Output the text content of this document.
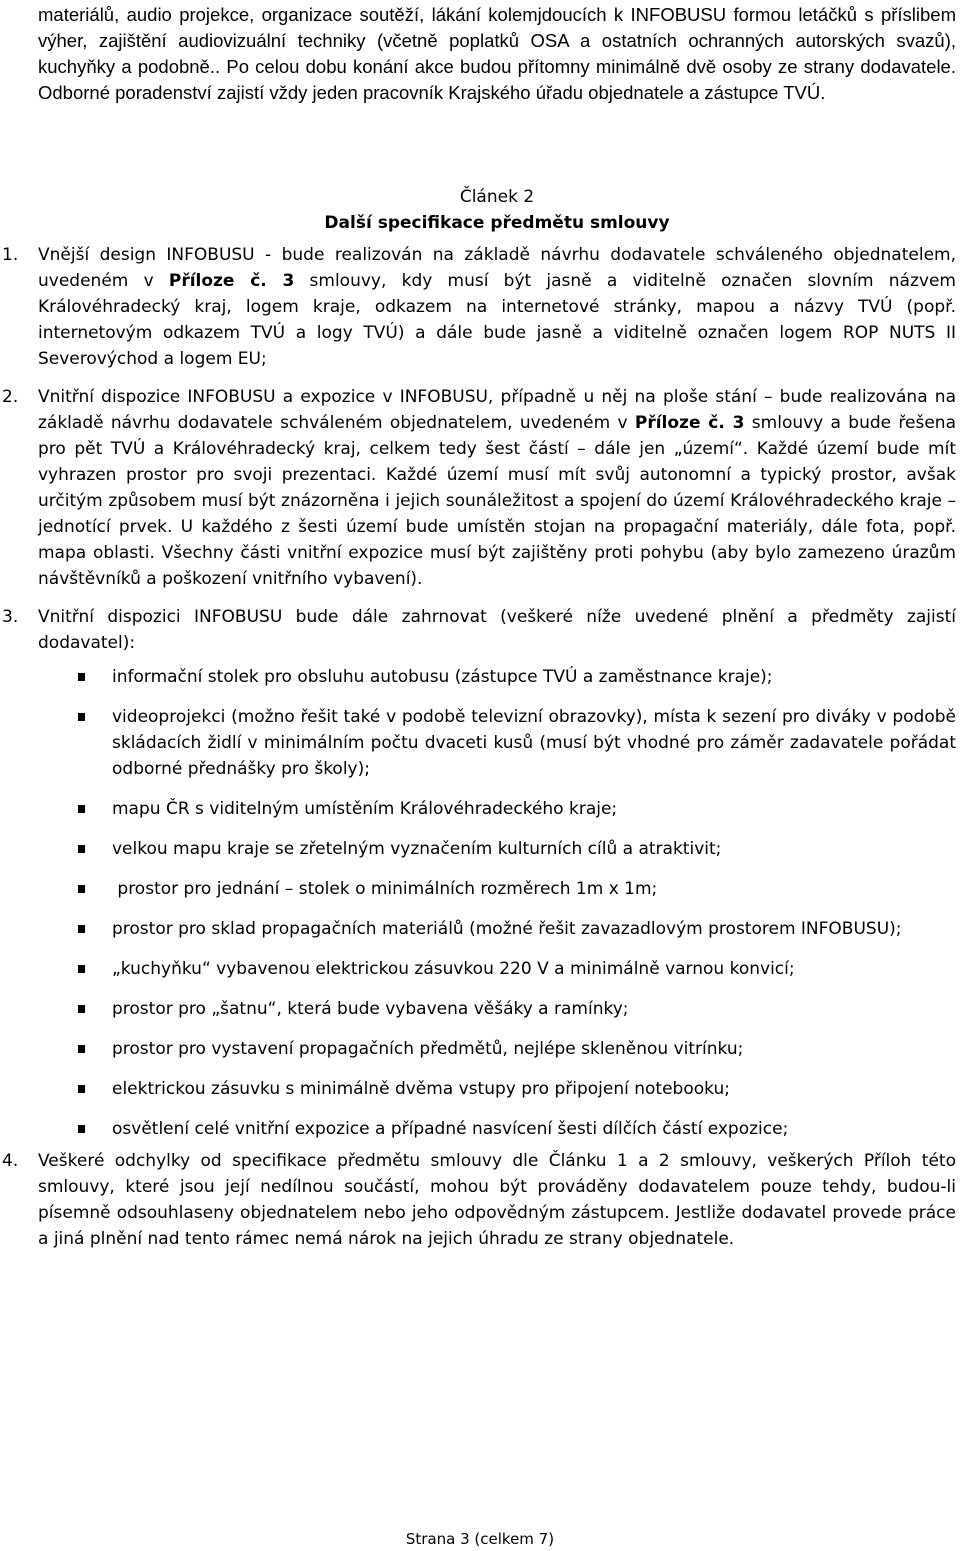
materiálů, audio projekce, organizace soutěží, lákání kolemjdoucích k INFOBUSU formou letáčků s příslibem výher, zajištění audiovizuální techniky (včetně poplatků OSA a ostatních ochranných autorských svazů), kuchyňky a podobně.. Po celou dobu konání akce budou přítomny minimálně dvě osoby ze strany dodavatele. Odborné poradenství zajistí vždy jeden pracovník Krajského úřadu objednatele a zástupce TVÚ.

Článek 2
Další specifikace předmětu smlouvy
1. Vnější design INFOBUSU - bude realizován na základě návrhu dodavatele schváleného objednatelem, uvedeném v Příloze č. 3 smlouvy, kdy musí být jasně a viditelně označen slovním názvem Královéhradecký kraj, logem kraje, odkazem na internetové stránky, mapou a názvy TVÚ (popř. internetovým odkazem TVÚ a logy TVÚ) a dále bude jasně a viditelně označen logem ROP NUTS II Severovýchod a logem EU;

2. Vnitřní dispozice INFOBUSU a expozice v INFOBUSU, případně u něj na ploše stání – bude realizována na základě návrhu dodavatele schváleném objednatelem, uvedeném v Příloze č. 3 smlouvy a bude řešena pro pět TVÚ a Královéhradecký kraj, celkem tedy šest částí – dále jen „území“. Každé území bude mít vyhrazen prostor pro svoji prezentaci. Každé území musí mít svůj autonomní a typický prostor, avšak určitým způsobem musí být znázorněna i jejich sounáležitost a spojení do území Královéhradeckého kraje – jednotící prvek. U každého z šesti území bude umístěn stojan na propagační materiály, dále fota, popř. mapa oblasti. Všechny části vnitřní expozice musí být zajištěny proti pohybu (aby bylo zamezeno úrazům návštěvníků a poškození vnitřního vybavení).

3. Vnitřní dispozici INFOBUSU bude dále zahrnovat (veškeré níže uvedené plnění a předměty zajistí dodavatel):

informační stolek pro obsluhu autobusu (zástupce TVÚ a zaměstnance kraje);
videoprojekci (možno řešit také v podobě televizní obrazovky), místa k sezení pro diváky v podobě skládacích židlí v minimálním počtu dvaceti kusů (musí být vhodné pro záměr zadavatele pořádat odborné přednášky pro školy);
mapu ČR s viditelným umístěním Královéhradeckého kraje;
velkou mapu kraje se zřetelným vyznačením kulturních cílů a atraktivit;
prostor pro jednání – stolek o minimálních rozměrech 1m x 1m;
prostor pro sklad propagačních materiálů (možné řešit zavazadlovým prostorem INFOBUSU);
„kuchyňku“ vybavenou elektrickou zásuvkou 220 V a minimálně varnou konvicí;
prostor pro „šatnu“, která bude vybavena věšáky a ramínky;
prostor pro vystavení propagačních předmětů, nejlépe skleněnou vitrínku;
elektrickou zásuvku s minimálně dvěma vstupy pro připojení notebooku;
osvětlení celé vnitřní expozice a případné nasvícení šesti dílčích částí expozice;
4. Veškeré odchylky od specifikace předmětu smlouvy dle Článku 1 a 2 smlouvy, veškerých Příloh této smlouvy, které jsou její nedílnou součástí, mohou být prováděny dodavatelem pouze tehdy, budou-li písemně odsouhlaseny objednatelem nebo jeho odpovědným zástupcem. Jestliže dodavatel provede práce a jiná plnění nad tento rámec nemá nárok na jejich úhradu ze strany objednatele.

Strana 3 (celkem 7)
